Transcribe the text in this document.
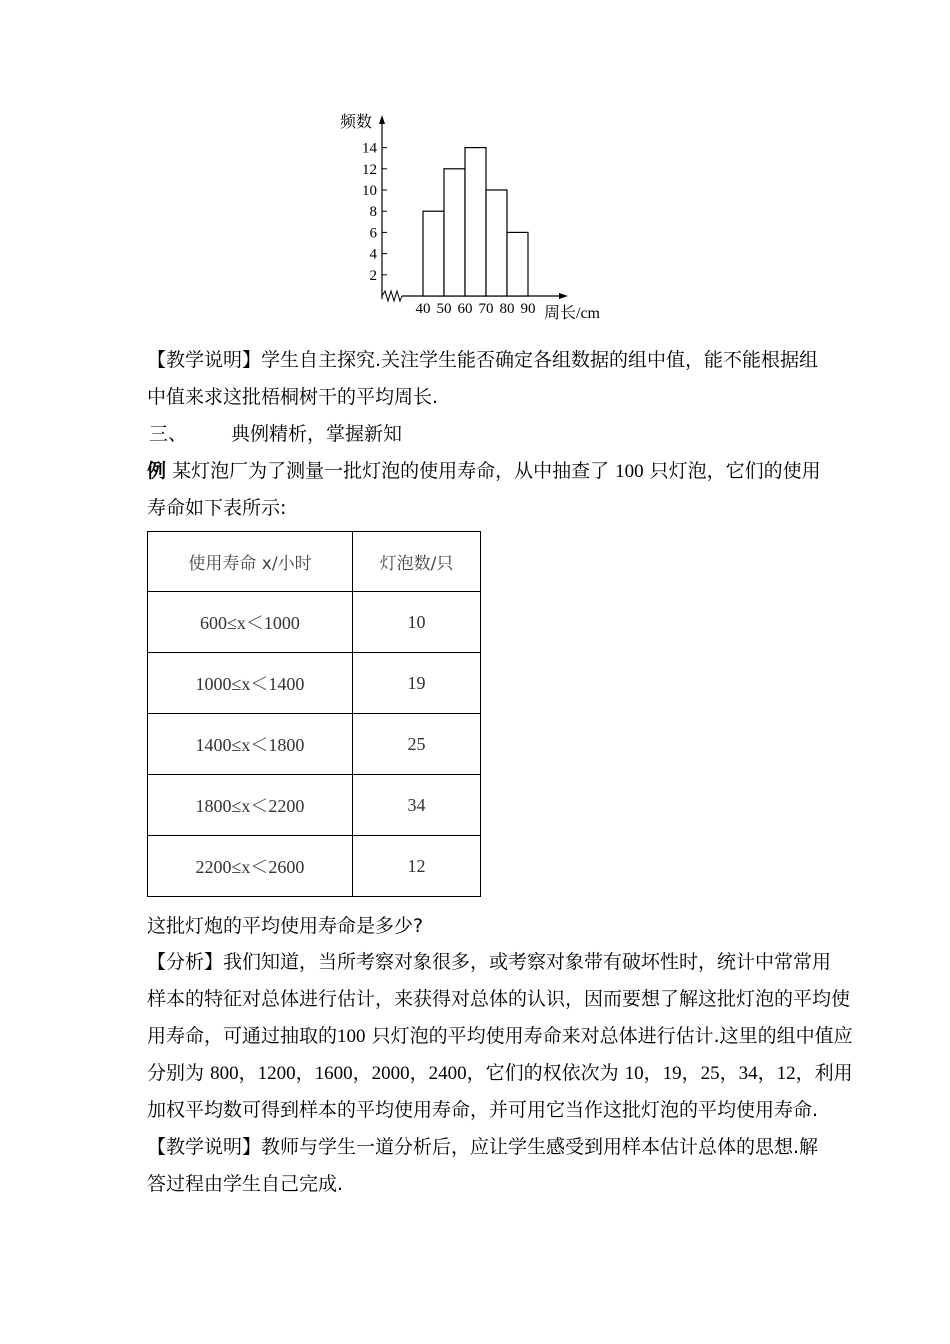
频数
2
4
6
8
10
12
14
40 50 60 70 80 90 周长/cm

【教学说明】学生自主探究.关注学生能否确定各组数据的组中值，能不能根据组
中值来求这批梧桐树干的平均周长.

三、 典例精析，掌握新知

例 某灯泡厂为了测量一批灯泡的使用寿命，从中抽查了 100 只灯泡，它们的使用
寿命如下表所示:

使用寿命 x/小时	灯泡数/只
600≤x＜1000	10
1000≤x＜1400	19
1400≤x＜1800	25
1800≤x＜2200	34
2200≤x＜2600	12

这批灯炮的平均使用寿命是多少?

【分析】我们知道，当所考察对象很多，或考察对象带有破坏性时，统计中常常用
样本的特征对总体进行估计，来获得对总体的认识，因而要想了解这批灯泡的平均使
用寿命，可通过抽取的100 只灯泡的平均使用寿命来对总体进行估计.这里的组中值应
分别为 800，1200，1600，2000，2400，它们的权依次为 10，19，25，34，12，利用
加权平均数可得到样本的平均使用寿命，并可用它当作这批灯泡的平均使用寿命.

【教学说明】教师与学生一道分析后，应让学生感受到用样本估计总体的思想.解
答过程由学生自己完成.
